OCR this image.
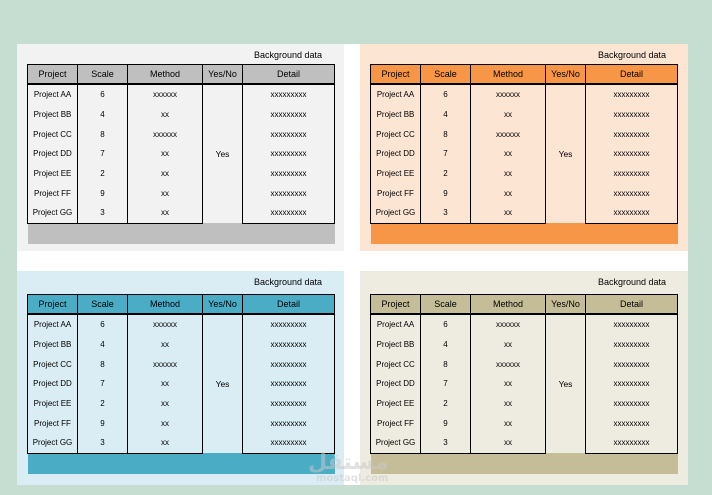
Background data
Project	Scale	Method	Yes/No	Detail
Project AA	6	xxxxxx	Yes	xxxxxxxxx
Project BB	4	xx		xxxxxxxxx
Project CC	8	xxxxxx		xxxxxxxxx
Project DD	7	xx		xxxxxxxxx
Project EE	2	xx		xxxxxxxxx
Project FF	9	xx		xxxxxxxxx
Project GG	3	xx		xxxxxxxxx

Background data
Project	Scale	Method	Yes/No	Detail
Project AA	6	xxxxxx	Yes	xxxxxxxxx
Project BB	4	xx		xxxxxxxxx
Project CC	8	xxxxxx		xxxxxxxxx
Project DD	7	xx		xxxxxxxxx
Project EE	2	xx		xxxxxxxxx
Project FF	9	xx		xxxxxxxxx
Project GG	3	xx		xxxxxxxxx

Background data
Project	Scale	Method	Yes/No	Detail
Project AA	6	xxxxxx	Yes	xxxxxxxxx
Project BB	4	xx		xxxxxxxxx
Project CC	8	xxxxxx		xxxxxxxxx
Project DD	7	xx		xxxxxxxxx
Project EE	2	xx		xxxxxxxxx
Project FF	9	xx		xxxxxxxxx
Project GG	3	xx		xxxxxxxxx

Background data
Project	Scale	Method	Yes/No	Detail
Project AA	6	xxxxxx	Yes	xxxxxxxxx
Project BB	4	xx		xxxxxxxxx
Project CC	8	xxxxxx		xxxxxxxxx
Project DD	7	xx		xxxxxxxxx
Project EE	2	xx		xxxxxxxxx
Project FF	9	xx		xxxxxxxxx
Project GG	3	xx		xxxxxxxxx

مستقل
mostaql.com
